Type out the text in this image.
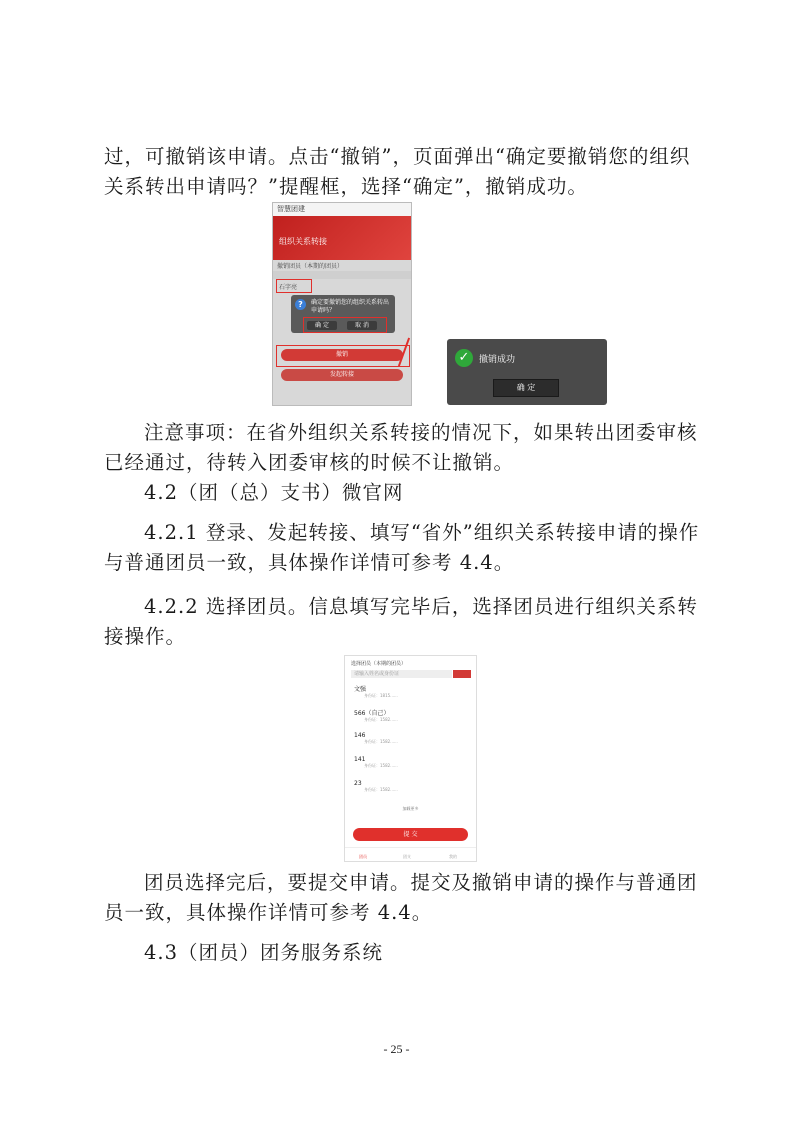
过，可撤销该申请。点击“撤销”，页面弹出“确定要撤销您的组织关系转出申请吗？”提醒框，选择“确定”，撤销成功。

智慧团建
组织关系转接
撤销团员（本期的团员）
石字亮
?	确定要撤销您的组织关系转出申请吗？
确 定	取 消
撤销
发起转接
✓	撤销成功
确 定

注意事项：在省外组织关系转接的情况下，如果转出团委审核已经通过，待转入团委审核的时候不让撤销。

4.2（团（总）支书）微官网

4.2.1 登录、发起转接、填写“省外”组织关系转接申请的操作与普通团员一致，具体操作详情可参考 4.4。

4.2.2 选择团员。信息填写完毕后，选择团员进行组织关系转接操作。

选择团员（本期的团员）
请输入姓名或身份证
文强
身份证：1815......
566（自己）
身份证：1582......
146
身份证：1582......
141
身份证：1582......
23
身份证：1582......
加载更多
提 交
团员	团支	我的

团员选择完后，要提交申请。提交及撤销申请的操作与普通团员一致，具体操作详情可参考 4.4。

4.3（团员）团务服务系统

- 25 -
